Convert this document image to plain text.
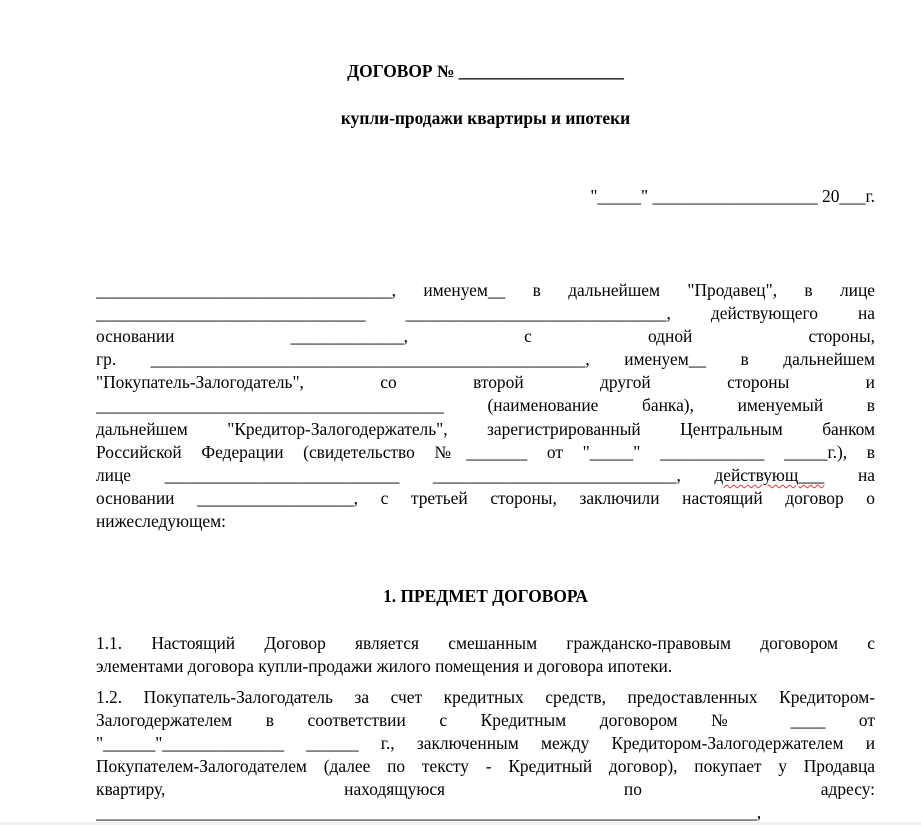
ДОГОВОР № ___________________
купли-продажи квартиры и ипотеки
"_____" ___________________ 20___г.
__________________________________, именуем__ в дальнейшем "Продавец", в лице
_______________________________ ______________________________, действующего на
основании _____________, с одной стороны,
гр. __________________________________________________, именуем__ в дальнейшем
"Покупатель-Залогодатель", со второй другой стороны и
________________________________________ (наименование банка), именуемый в
дальнейшем "Кредитор-Залогодержатель", зарегистрированный Центральным банком
Российской Федерации (свидетельство №_______ от "_____" ____________ _____г.), в
лице ___________________________ ____________________________, действующ___ на
основании __________________, с третьей стороны, заключили настоящий договор о
нижеследующем:
1. ПРЕДМЕТ ДОГОВОРА
1.1. Настоящий Договор является смешанным гражданско-правовым договором с
элементами договора купли-продажи жилого помещения и договора ипотеки.
1.2. Покупатель-Залогодатель за счет кредитных средств, предоставленных Кредитором-
Залогодержателем в соответствии с Кредитным договором № ____ от
"______"______________ ______ г., заключенным между Кредитором-Залогодержателем и
Покупателем-Залогодателем (далее по тексту - Кредитный договор), покупает у Продавца
квартиру, находящуюся по адресу:
____________________________________________________________________________,
